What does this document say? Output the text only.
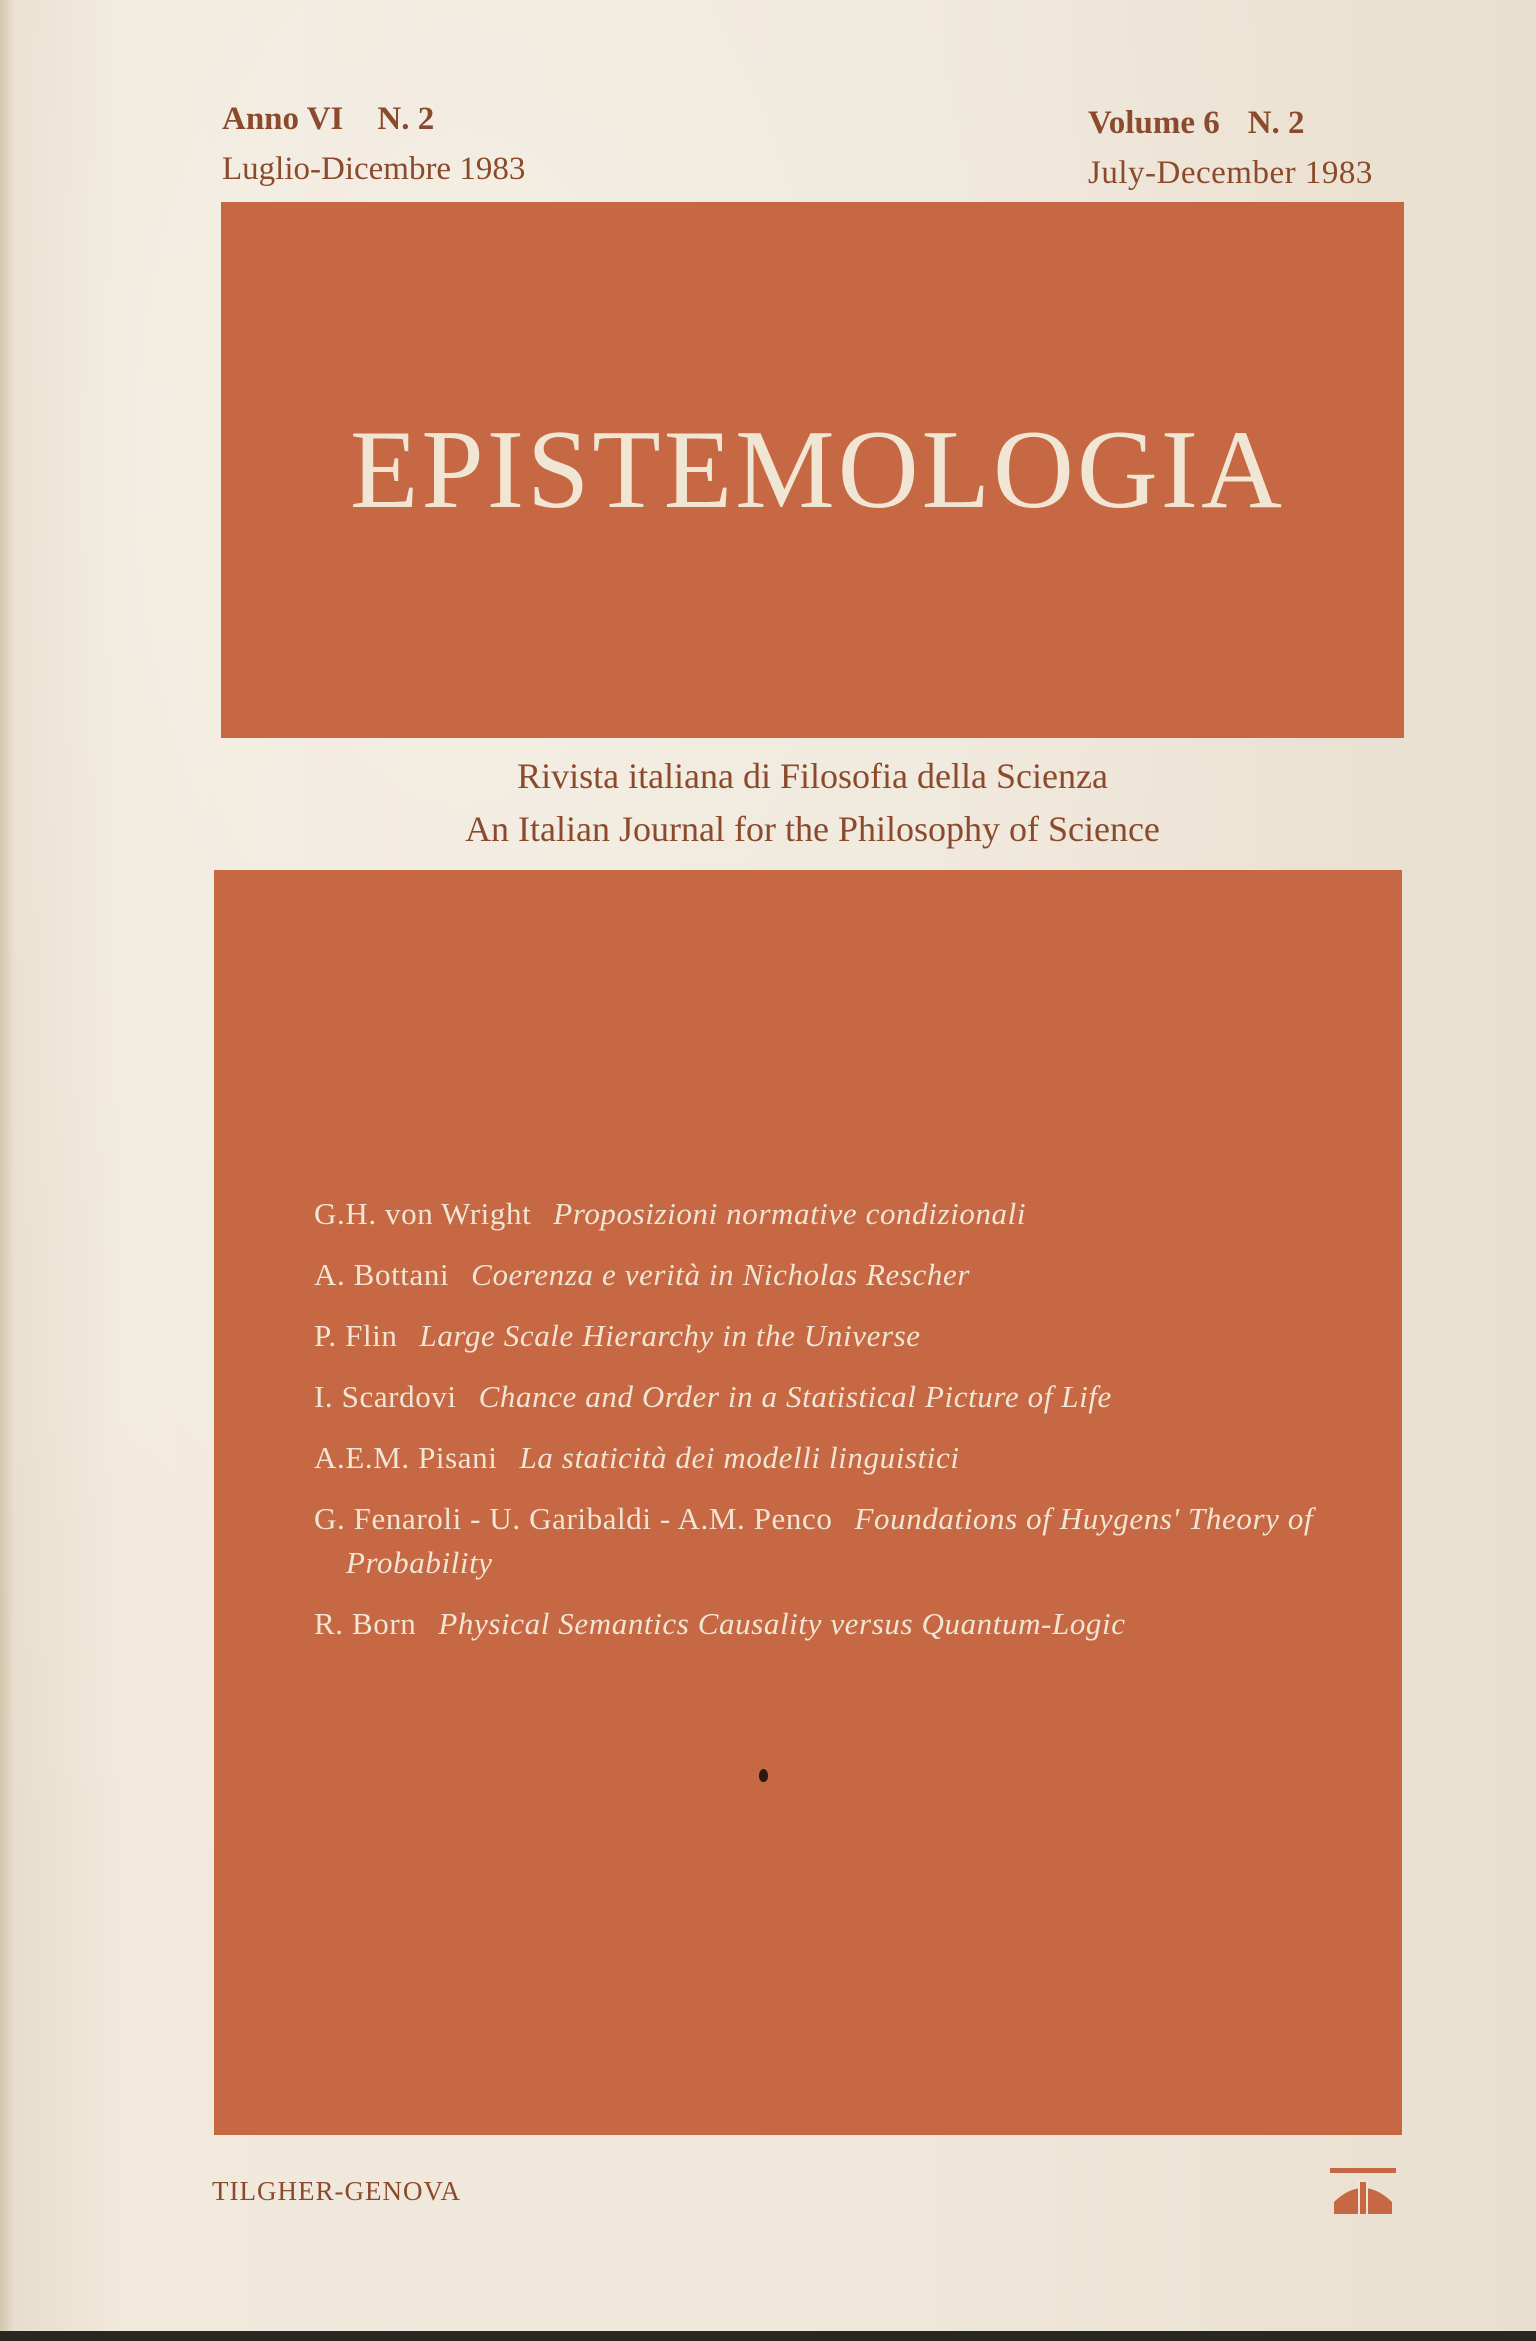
Anno VI N. 2
Luglio-Dicembre 1983
Volume 6 N. 2
July-December 1983
EPISTEMOLOGIA
Rivista italiana di Filosofia della Scienza
An Italian Journal for the Philosophy of Science
G.H. von Wright Proposizioni normative condizionali
A. Bottani Coerenza e verità in Nicholas Rescher
P. Flin Large Scale Hierarchy in the Universe
I. Scardovi Chance and Order in a Statistical Picture of Life
A.E.M. Pisani La staticità dei modelli linguistici
G. Fenaroli - U. Garibaldi - A.M. Penco Foundations of Huygens' Theory of Probability
R. Born Physical Semantics Causality versus Quantum-Logic
TILGHER-GENOVA
